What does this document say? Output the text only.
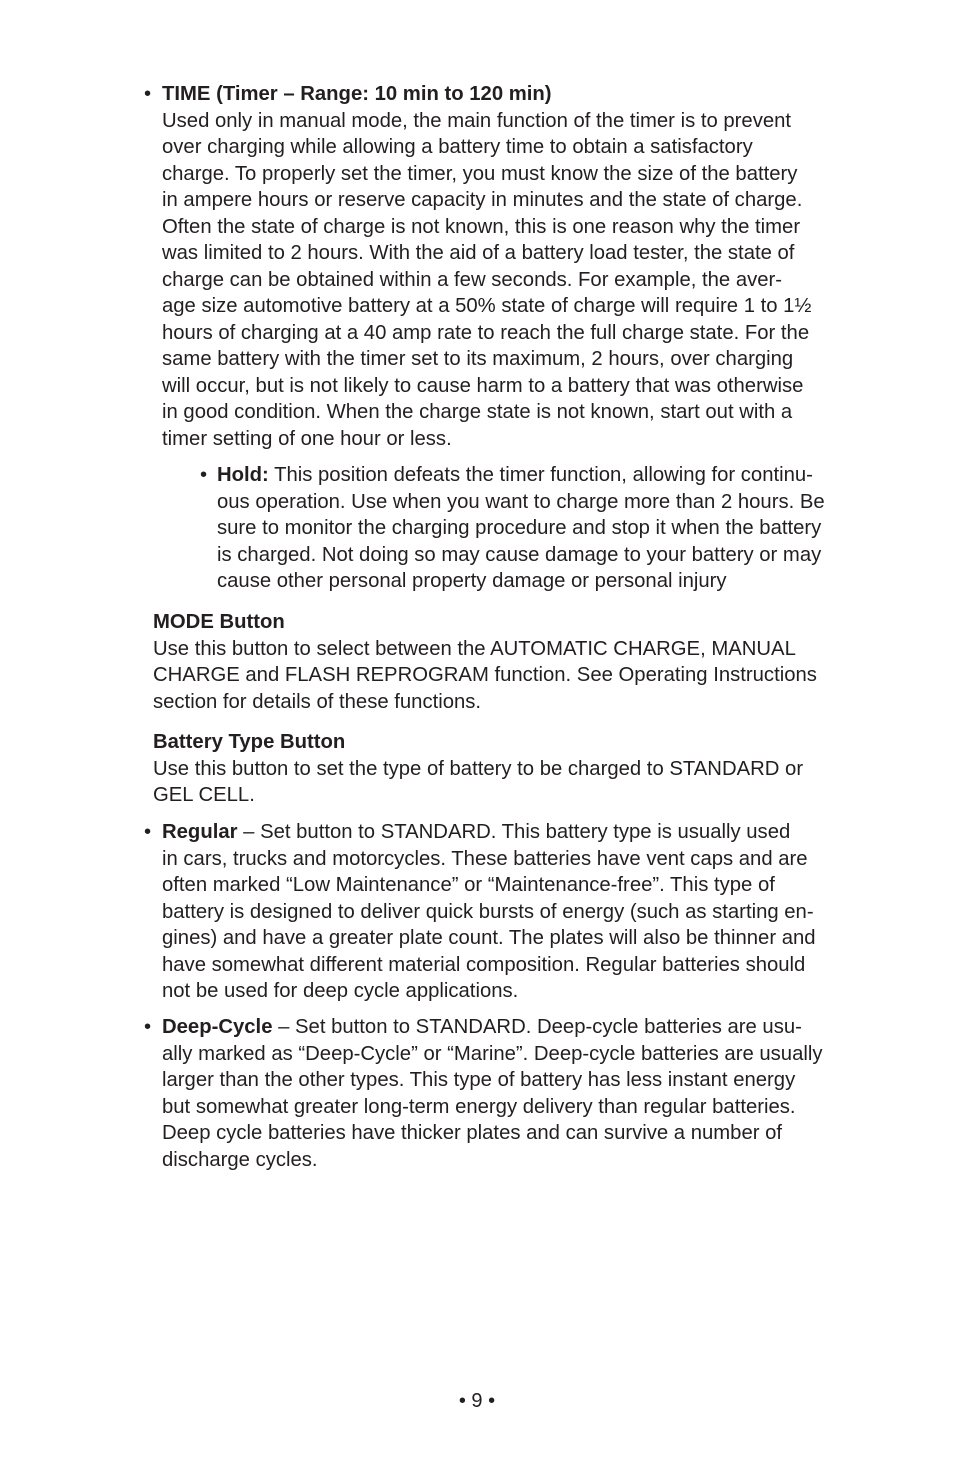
• TIME (Timer – Range: 10 min to 120 min)
Used only in manual mode, the main function of the timer is to prevent
over charging while allowing a battery time to obtain a satisfactory
charge. To properly set the timer, you must know the size of the battery
in ampere hours or reserve capacity in minutes and the state of charge.
Often the state of charge is not known, this is one reason why the timer
was limited to 2 hours. With the aid of a battery load tester, the state of
charge can be obtained within a few seconds. For example, the aver-
age size automotive battery at a 50% state of charge will require 1 to 1½
hours of charging at a 40 amp rate to reach the full charge state. For the
same battery with the timer set to its maximum, 2 hours, over charging
will occur, but is not likely to cause harm to a battery that was otherwise
in good condition. When the charge state is not known, start out with a
timer setting of one hour or less.
• Hold: This position defeats the timer function, allowing for continu-
ous operation. Use when you want to charge more than 2 hours. Be
sure to monitor the charging procedure and stop it when the battery
is charged. Not doing so may cause damage to your battery or may
cause other personal property damage or personal injury
MODE Button
Use this button to select between the AUTOMATIC CHARGE, MANUAL
CHARGE and FLASH REPROGRAM function. See Operating Instructions
section for details of these functions.
Battery Type Button
Use this button to set the type of battery to be charged to STANDARD or
GEL CELL.
• Regular – Set button to STANDARD. This battery type is usually used
in cars, trucks and motorcycles. These batteries have vent caps and are
often marked “Low Maintenance” or “Maintenance-free”. This type of
battery is designed to deliver quick bursts of energy (such as starting en-
gines) and have a greater plate count. The plates will also be thinner and
have somewhat different material composition. Regular batteries should
not be used for deep cycle applications.
• Deep-Cycle – Set button to STANDARD. Deep-cycle batteries are usu-
ally marked as “Deep-Cycle” or “Marine”. Deep-cycle batteries are usually
larger than the other types. This type of battery has less instant energy
but somewhat greater long-term energy delivery than regular batteries.
Deep cycle batteries have thicker plates and can survive a number of
discharge cycles.
• 9 •
